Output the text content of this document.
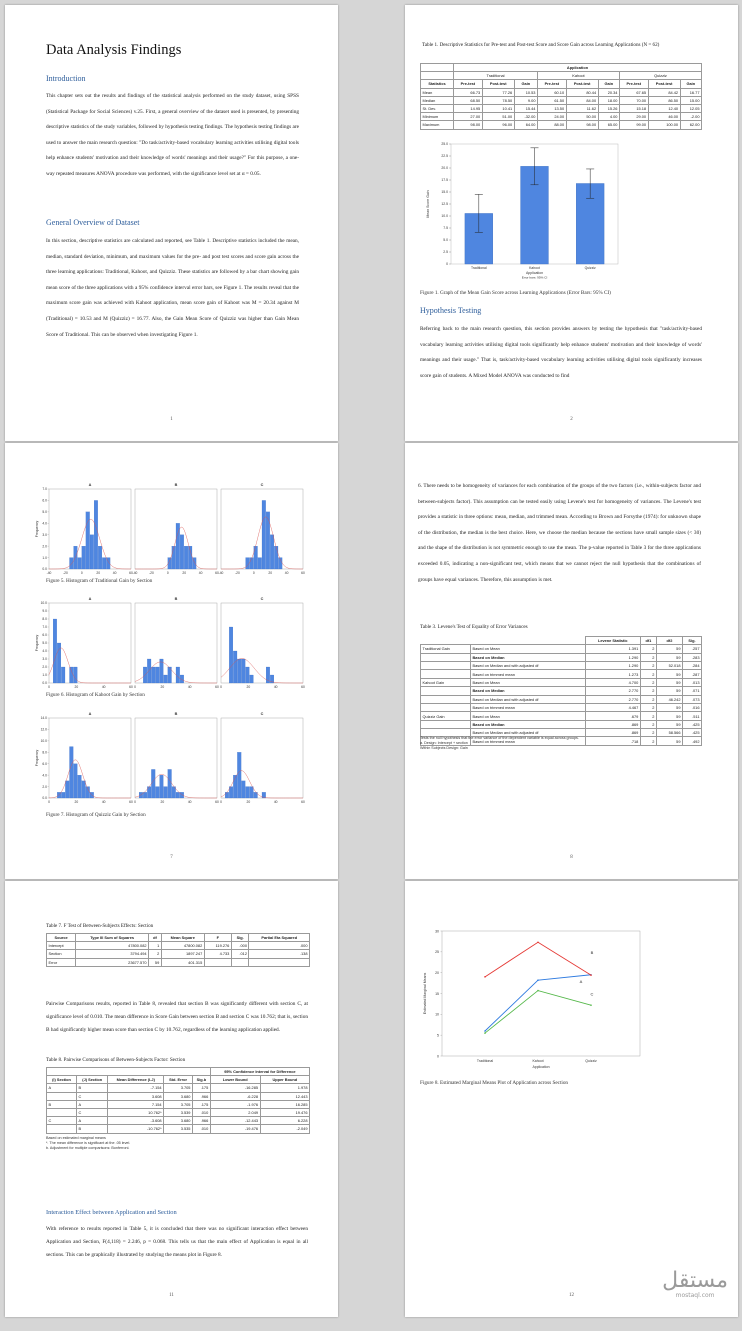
Data Analysis Findings
Introduction
This chapter sets out the results and findings of the statistical analysis performed on the study dataset, using SPSS (Statistical Package for Social Sciences) v.25. First, a general overview of the dataset used is presented, by presenting descriptive statistics of the study variables, followed by hypothesis testing findings. The hypothesis testing findings are used to answer the main research question: "Do task/activity-based vocabulary learning activities utilising digital tools help enhance students' motivation and their knowledge of words' meanings and their usage?" For this purpose, a one-way repeated measures ANOVA procedure was performed, with the significance level set at α = 0.05.
General Overview of Dataset
In this section, descriptive statistics are calculated and reported, see Table 1. Descriptive statistics included the mean, median, standard deviation, minimum, and maximum values for the pre- and post test scores and score gain across the three learning applications: Traditional, Kahoot, and Quizziz. These statistics are followed by a bar chart showing gain mean score of the three applications with a 95% confidence interval error bars, see Figure 1. The results reveal that the maximum score gain was achieved with Kahoot application, mean score gain of Kahoot was M = 20.34 against M (Traditional) = 10.53 and M (Quizziz) = 16.77. Also, the Gain Mean Score of Quizziz was higher than Gain Mean Score of Traditional. This can be observed when investigating Figure 1.
1
Table 1. Descriptive Statistics for Pre-test and Post-test Score and Score Gain across Learning Applications (N = 62)
	Application								
	Traditional			Kahoot			Quizziz		
Statistics	Pre-test	Post-test	Gain	Pre-test	Post-test	Gain	Pre-test	Post-test	Gain
Mean	66.73	77.26	10.53	60.10	80.44	20.34	67.65	84.42	16.77
Median	68.50	78.50	9.00	61.50	84.00	18.00	70.00	86.50	15.00
St. Dev.	14.95	10.41	15.44	13.50	11.62	15.26	15.18	12.40	12.05
Minimum	27.00	51.00	-32.00	24.00	50.00	4.00	29.00	46.00	-2.00
Maximum	98.00	96.00	64.00	88.00	98.00	65.00	99.00	100.00	62.00
0
2.5
5.0
7.5
10.0
12.5
15.0
17.5
20.0
22.5
25.0
Traditional	Kahoot	Quizziz
Application
Error bars: 95% CI
Mean Score Gain
Figure 1. Graph of the Mean Gain Score across Learning Applications (Error Bars: 95% CI)
Hypothesis Testing
Referring back to the main research question, this section provides answers by testing the hypothesis that "task/activity-based vocabulary learning activities utilising digital tools significantly help enhance students' motivation and their knowledge of words' meanings and their usage." That is, task/activity-based vocabulary learning activities utilising digital tools significantly increases score gain of students. A Mixed Model ANOVA was conducted to find
2
0.0
1.0
2.0
3.0
4.0
5.0
6.0
7.0
Frequency
A
-40	-20	0	20	40	60
B
-40	-20	0	20	40	60
C
-40	-20	0	20	40	60
Figure 5. Histogram of Traditional Gain by Section
0.0
1.0
2.0
3.0
4.0
5.0
6.0
7.0
8.0
9.0
10.0
Frequency
A
0	20	40	60
B
0	20	40	60
C
0	20	40	60
Figure 6. Histogram of Kahoot Gain by Section
0.0
2.0
4.0
6.0
8.0
10.0
12.0
14.0
Frequency
A
0	20	40	60
B
0	20	40	60
C
0	20	40	60
Figure 7. Histogram of Quizziz Gain by Section
7
6. There needs to be homogeneity of variances for each combination of the groups of the two factors (i.e., within-subjects factor and between-subjects factor). This assumption can be tested easily using Levene's test for homogeneity of variances. The Levene's test provides a statistic in three options: mean, median, and trimmed mean. According to Brown and Forsythe (1974): for unknown shape of the distribution, the median is the best choice. Here, we choose the median because the sections have small sample sizes (< 30) and the shape of the distribution is not symmetric enough to use the mean. The p-value reported in Table 3 for the three applications exceeded 0.05, indicating a non-significant test, which means that we cannot reject the null hypothesis that the combinations of groups have equal variances. Therefore, this assumption is met.
Table 3. Levene's Test of Equality of Error Variances
		Levene Statistic	df1	df2	Sig.
Traditional Gain	Based on Mean	1.391	2	59	.257
	Based on Median	1.290	2	59	.283
	Based on Median and with adjusted df	1.290	2	52.018	.284
	Based on trimmed mean	1.273	2	59	.287
Kahoot Gain	Based on Mean	4.700	2	59	.013
	Based on Median	2.770	2	59	.071
	Based on Median and with adjusted df	2.770	2	46.242	.073
	Based on trimmed mean	4.467	2	59	.016
Quizziz Gain	Based on Mean	.679	2	59	.511
	Based on Median	.869	2	59	.425
	Based on Median and with adjusted df	.869	2	58.566	.425
	Based on trimmed mean	.718	2	59	.492
Tests the null hypothesis that the error variance of the dependent variable is equal across groups.
a. Design: Intercept + section
Within Subjects Design: Gain
8
Table 7. F Test of Between-Subjects Effects: Section
Source	Type III Sum of Squares	df	Mean Square	F	Sig.	Partial Eta Squared
Intercept	47800.082	1	47800.082	119.276	.000	.000
Section	3794.494	2	1897.247	4.733	.012	.138
Error	23677.570	59	401.315			
Pairwise Comparisons results, reported in Table 8, revealed that section B was significantly different with section C, at significance level of 0.010. The mean difference in Score Gain between section B and section C was 10.762; that is, section B had significantly higher mean score than section C by 10.762, regardless of the learning application applied.
Table 8. Pairwise Comparisons of Between-Subjects Factor: Section
					95% Confidence Interval for Difference	
(I) Section	(J) Section	Mean Difference (I-J)	Std. Error	Sig.b	Lower Bound	Upper Bound
A	B	-7.154	3.705	.175	-16.285	1.978
	C	3.608	3.680	.966	-6.228	12.443
B	A	7.154	3.705	.175	-1.976	16.285
	C	10.762*	3.539	.010	2.049	19.476
C	A	-3.608	3.680	.966	-12.443	6.228
	B	-10.762*	3.535	.010	-19.476	-2.049
Based on estimated marginal means
*. The mean difference is significant at the .05 level.
b. Adjustment for multiple comparisons: Bonferroni.
Interaction Effect between Application and Section
With reference to results reported in Table 5, it is concluded that there was no significant interaction effect between Application and Section, F(4,118) = 2.246, p = 0.068. This tells us that the main effect of Application is equal in all sections. This can be graphically illustrated by studying the means plot in Figure 8.
11
0
5
10
15
20
25
30
Traditional	Kahoot	Quizziz
Application
Estimated Marginal Means	A
B
C
Figure 8. Estimated Marginal Means Plot of Application across Section
مستقل
mostaql.com
12
